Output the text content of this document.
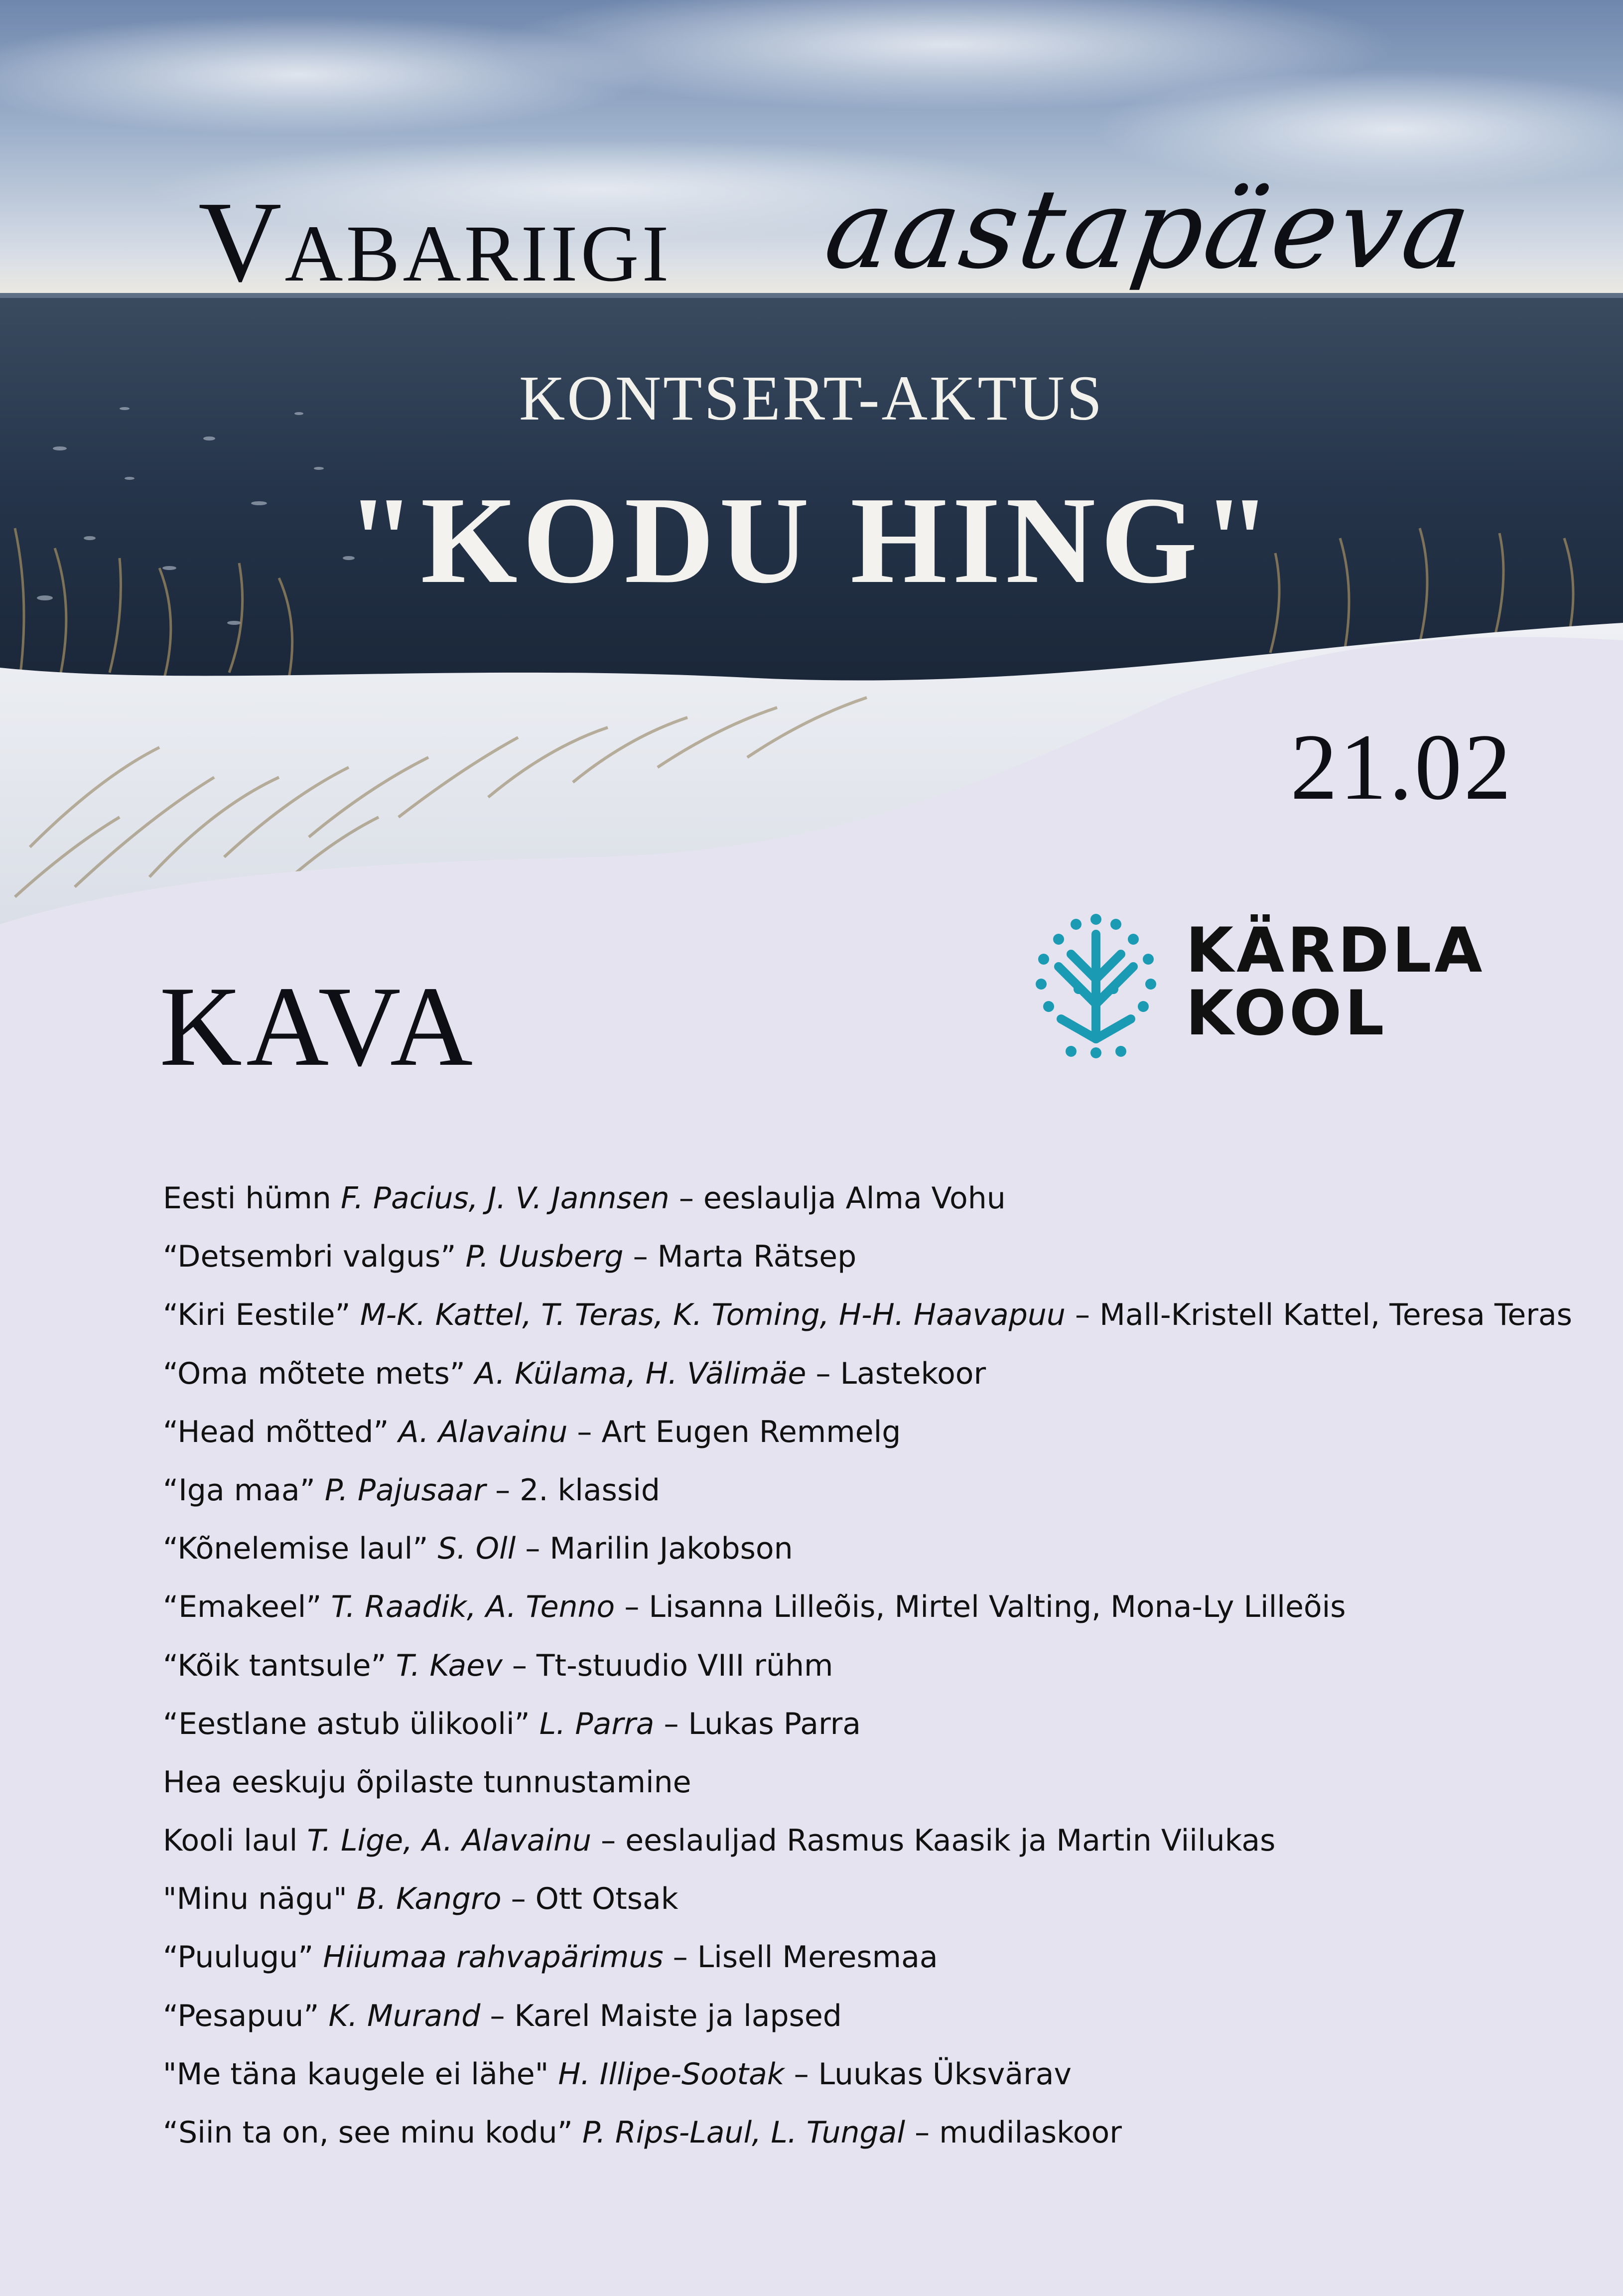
Vabariigi aastapäeva
KONTSERT-AKTUS
"KODU HING"
21.02
KÄRDLA
KOOL
KAVA
Eesti hümn F. Pacius, J. V. Jannsen – eeslaulja Alma Vohu
“Detsembri valgus” P. Uusberg – Marta Rätsep
“Kiri Eestile” M-K. Kattel, T. Teras, K. Toming, H-H. Haavapuu – Mall-Kristell Kattel, Teresa Teras
“Oma mõtete mets” A. Külama, H. Välimäe – Lastekoor
“Head mõtted” A. Alavainu – Art Eugen Remmelg
“Iga maa” P. Pajusaar – 2. klassid
“Kõnelemise laul” S. Oll – Marilin Jakobson
“Emakeel” T. Raadik, A. Tenno – Lisanna Lilleõis, Mirtel Valting, Mona-Ly Lilleõis
“Kõik tantsule” T. Kaev – Tt-stuudio VIII rühm
“Eestlane astub ülikooli” L. Parra – Lukas Parra
Hea eeskuju õpilaste tunnustamine
Kooli laul T. Lige, A. Alavainu – eeslauljad Rasmus Kaasik ja Martin Viilukas
"Minu nägu" B. Kangro – Ott Otsak
“Puulugu” Hiiumaa rahvapärimus – Lisell Meresmaa
“Pesapuu” K. Murand – Karel Maiste ja lapsed
"Me täna kaugele ei lähe" H. Illipe-Sootak – Luukas Üksvärav
“Siin ta on, see minu kodu” P. Rips-Laul, L. Tungal – mudilaskoor
